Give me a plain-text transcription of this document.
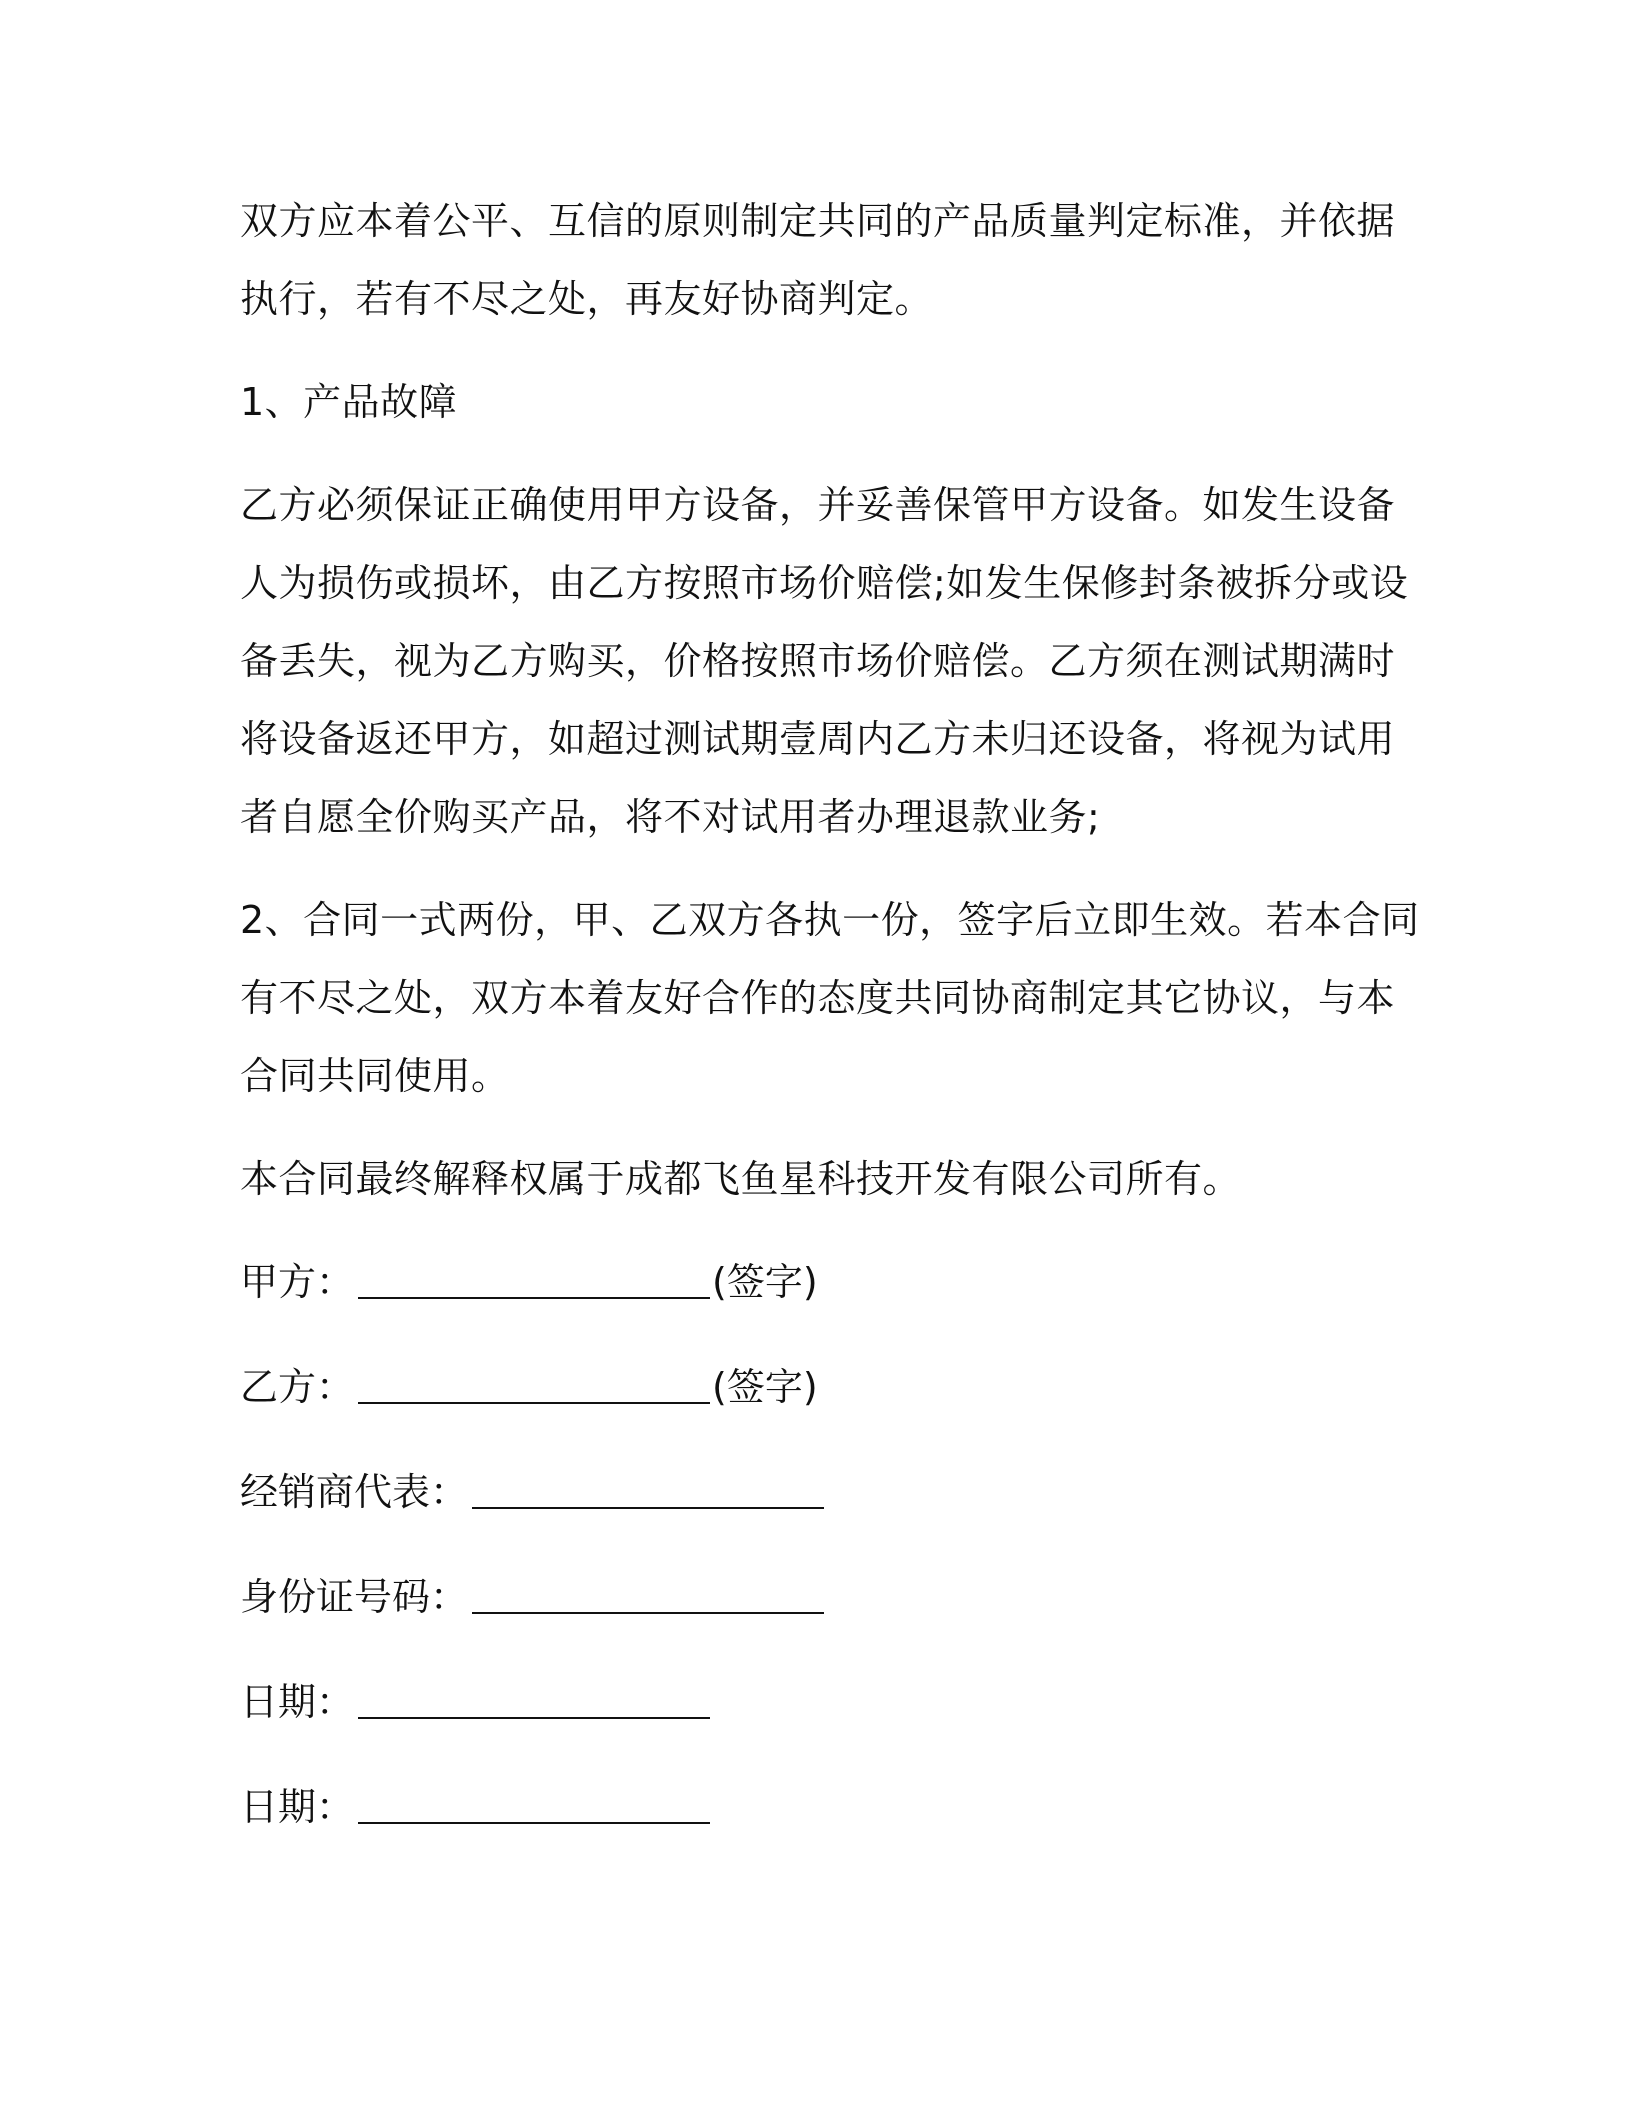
双方应本着公平、互信的原则制定共同的产品质量判定标准，并依据
执行，若有不尽之处，再友好协商判定。
1、产品故障
乙方必须保证正确使用甲方设备，并妥善保管甲方设备。如发生设备
人为损伤或损坏，由乙方按照市场价赔偿;如发生保修封条被拆分或设
备丢失，视为乙方购买，价格按照市场价赔偿。乙方须在测试期满时
将设备返还甲方，如超过测试期壹周内乙方未归还设备，将视为试用
者自愿全价购买产品，将不对试用者办理退款业务;
2、合同一式两份，甲、乙双方各执一份，签字后立即生效。若本合同
有不尽之处，双方本着友好合作的态度共同协商制定其它协议，与本
合同共同使用。
本合同最终解释权属于成都飞鱼星科技开发有限公司所有。
甲方：	(签字)
乙方：	(签字)
经销商代表：
身份证号码：
日期：
日期：
